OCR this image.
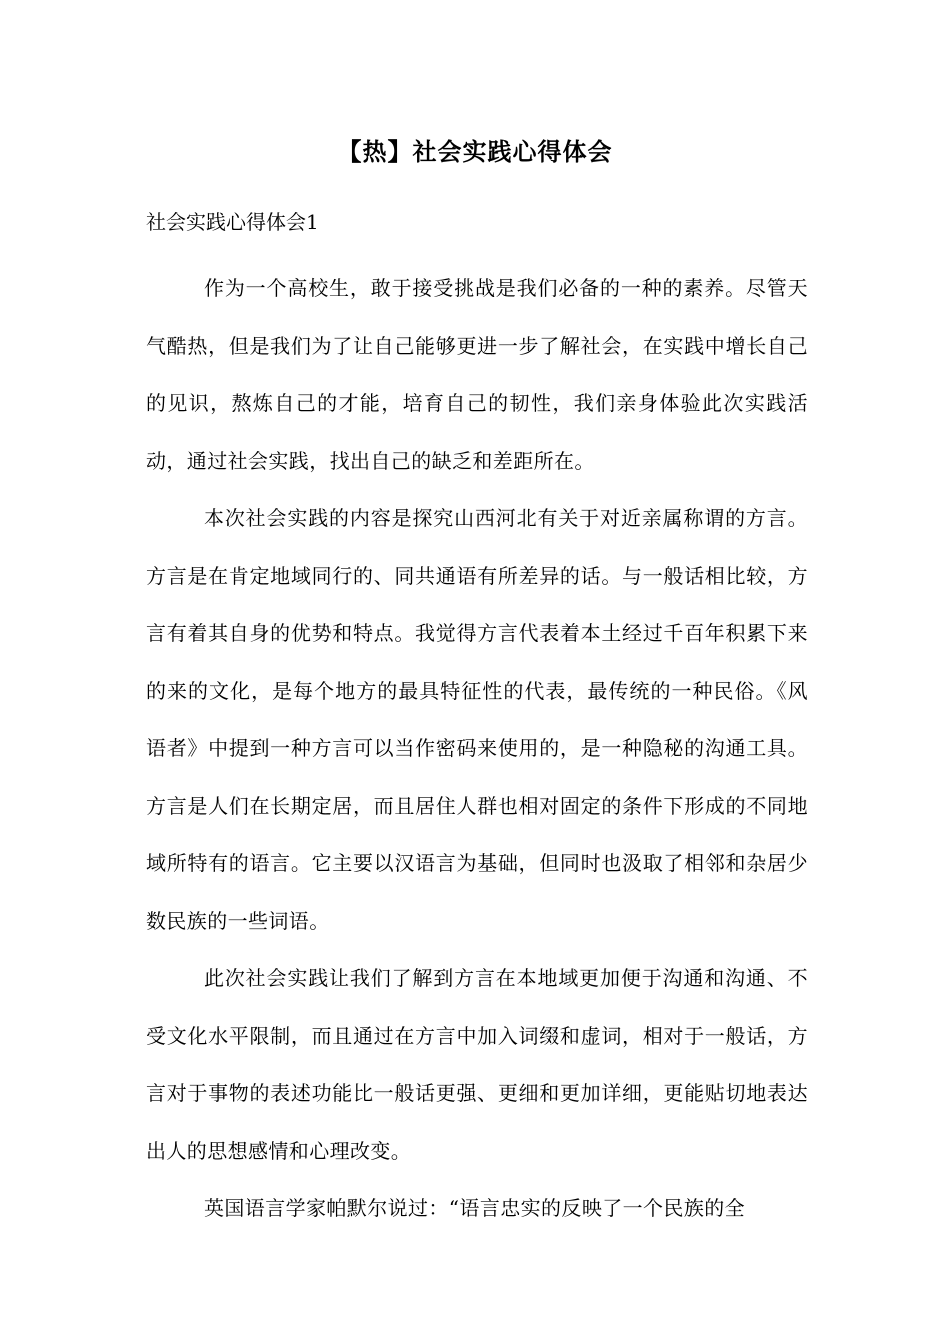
【热】社会实践心得体会

社会实践心得体会1

作为一个高校生，敢于接受挑战是我们必备的一种的素养。尽管天气酷热，但是我们为了让自己能够更进一步了解社会，在实践中增长自己的见识，熬炼自己的才能，培育自己的韧性，我们亲身体验此次实践活动，通过社会实践，找出自己的缺乏和差距所在。

本次社会实践的内容是探究山西河北有关于对近亲属称谓的方言。方言是在肯定地域同行的、同共通语有所差异的话。与一般话相比较，方言有着其自身的优势和特点。我觉得方言代表着本土经过千百年积累下来的来的文化，是每个地方的最具特征性的代表，最传统的一种民俗。《风语者》中提到一种方言可以当作密码来使用的，是一种隐秘的沟通工具。方言是人们在长期定居，而且居住人群也相对固定的条件下形成的不同地域所特有的语言。它主要以汉语言为基础，但同时也汲取了相邻和杂居少数民族的一些词语。

此次社会实践让我们了解到方言在本地域更加便于沟通和沟通、不受文化水平限制，而且通过在方言中加入词缀和虚词，相对于一般话，方言对于事物的表述功能比一般话更强、更细和更加详细，更能贴切地表达出人的思想感情和心理改变。

英国语言学家帕默尔说过：“语言忠实的反映了一个民族的全
